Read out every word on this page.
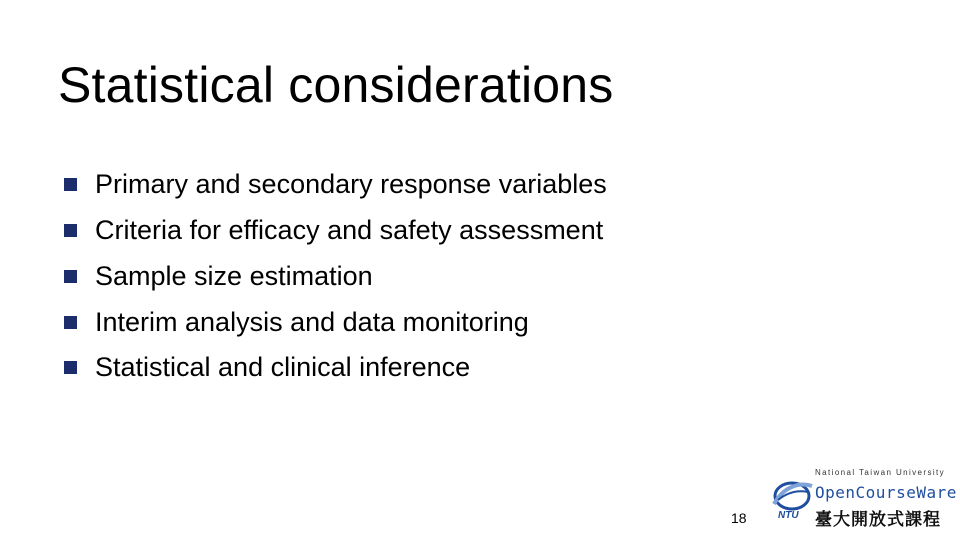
Statistical considerations
Primary and secondary response variables
Criteria for efficacy and safety assessment
Sample size estimation
Interim analysis and data monitoring
Statistical and clinical inference
18	NTU
National Taiwan University
OpenCourseWare
臺大開放式課程
